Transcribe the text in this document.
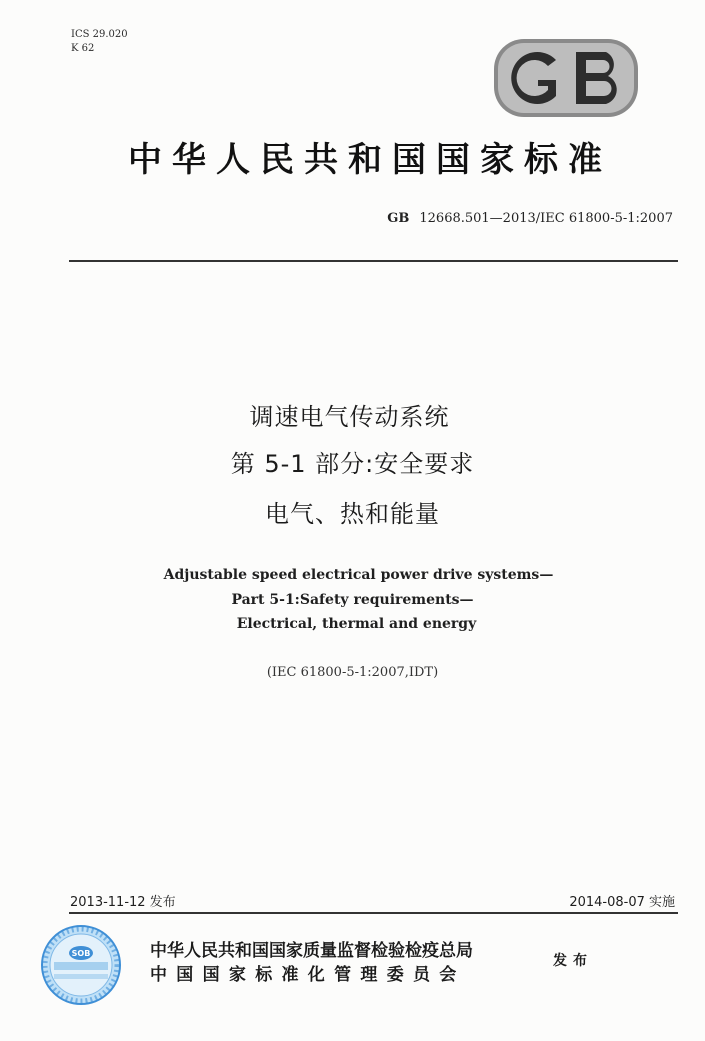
ICS 29.020
K 62
中华人民共和国国家标准
GB 12668.501—2013/IEC 61800-5-1:2007
调速电气传动系统
第 5-1 部分:安全要求
电气、热和能量
Adjustable speed electrical power drive systems—
Part 5-1:Safety requirements—
Electrical, thermal and energy
(IEC 61800-5-1:2007,IDT)
2013-11-12 发布	2014-08-07 实施
SOB	中华人民共和国国家质量监督检验检疫总局
中国国家标准化管理委员会
发布
